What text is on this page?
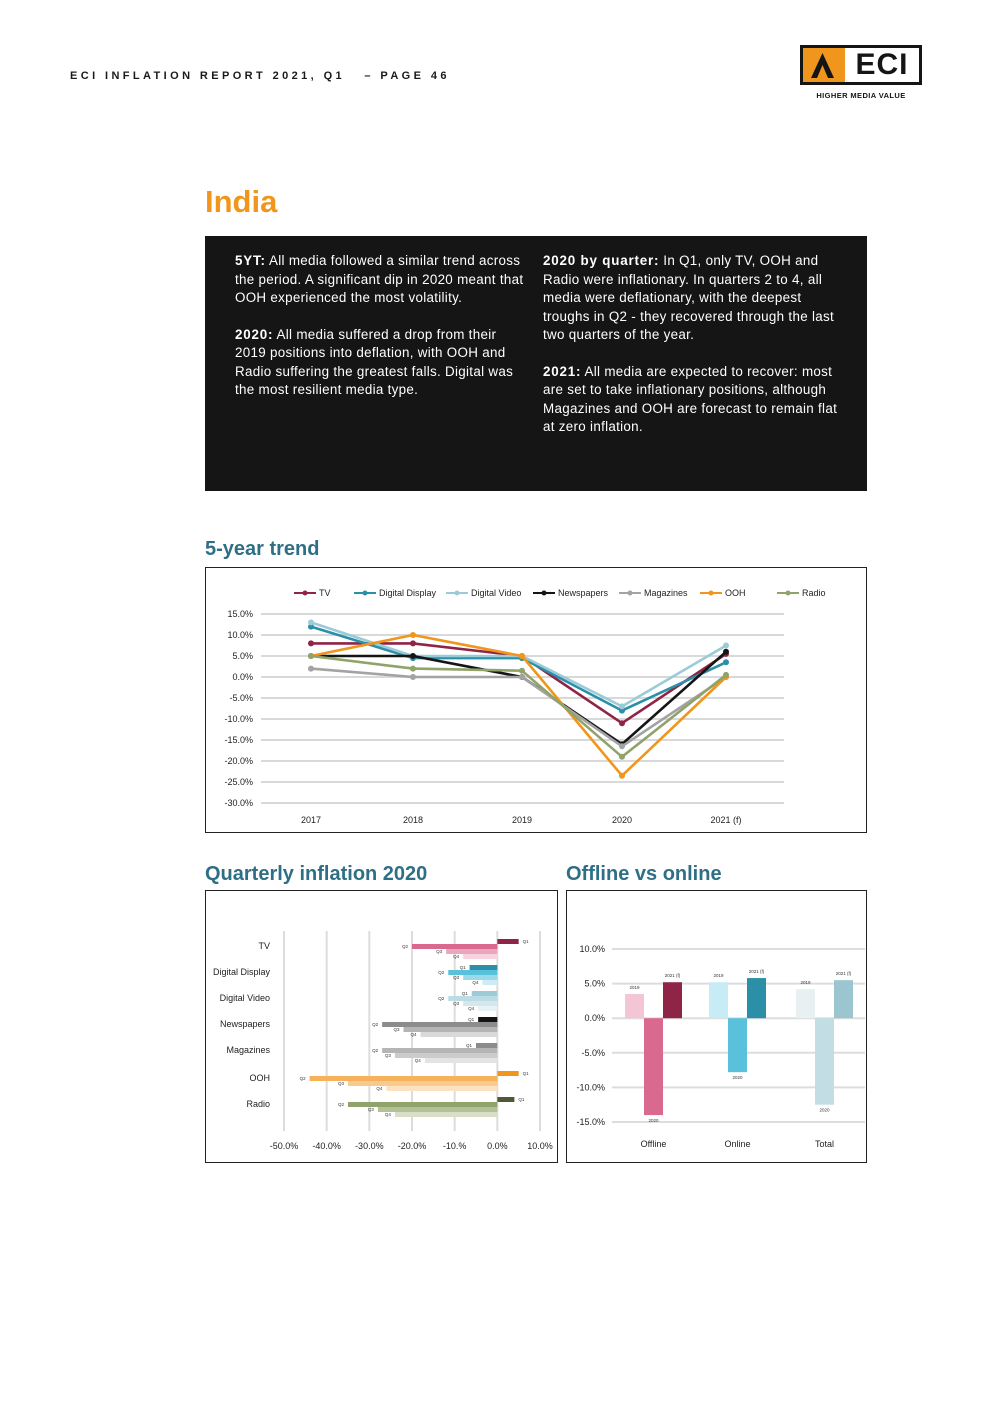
ECI INFLATION REPORT 2021, Q1 – PAGE 46	ECI
HIGHER MEDIA VALUE
India

5YT: All media followed a similar trend across the period. A significant dip in 2020 meant that OOH experienced the most volatility.

2020: All media suffered a drop from their 2019 positions into deflation, with OOH and Radio suffering the greatest falls. Digital was the most resilient media type.

2020 by quarter: In Q1, only TV, OOH and Radio were inflationary. In quarters 2 to 4, all media were deflationary, with the deepest troughs in Q2 - they recovered through the last two quarters of the year.

2021: All media are expected to recover: most are set to take inflationary positions, although Magazines and OOH are forecast to remain flat at zero inflation.

5-year trend
15.0%
10.0%
5.0%
0.0%
-5.0%
-10.0%
-15.0%
-20.0%
-25.0%
-30.0%
2017	2018	2019	2020	2021 (f)
TV	Digital Display	Digital Video	Newspapers	Magazines	OOH	Radio
Quarterly inflation 2020
-50.0% -40.0% -30.0% -20.0% -10.% 0.0% 10.0%
TV	Q1
Q2
Q3
Q4
Digital Display	Q1
Q2
Q3
Q4
Digital Video	Q1
Q2
Q3
Q4
Newspapers	Q1
Q2
Q3
Q4
Magazines	Q1
Q2
Q3
Q4
OOH	Q1
Q2
Q3
Q4
Radio	Q1
Q2
Q3
Q4
Offline vs online
10.0%
5.0%
0.0%
-5.0%
-10.0%
-15.0%
2019
2020
2021 (f)
Offline
2019
2020
2021 (f)
Online
2019
2020
2021 (f)
Total
